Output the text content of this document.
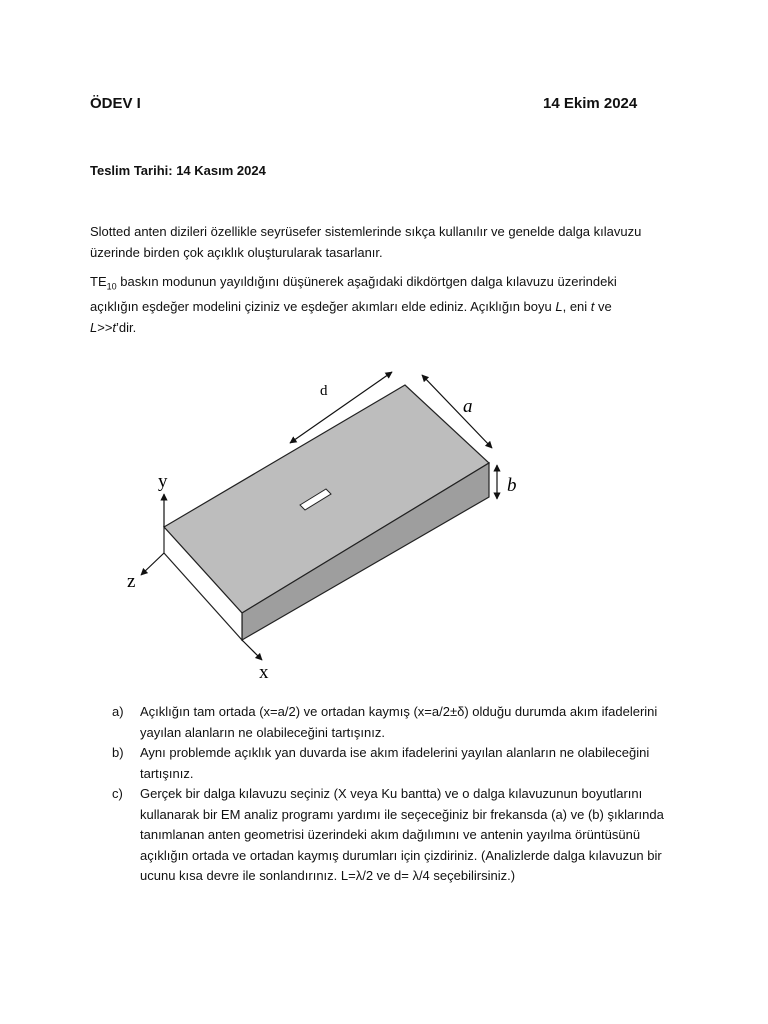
ÖDEV I	14 Ekim 2024
Teslim Tarihi: 14 Kasım 2024
Slotted anten dizileri özellikle seyrüsefer sistemlerinde sıkça kullanılır ve genelde dalga kılavuzu
üzerinde birden çok açıklık oluşturularak tasarlanır.
$TE_{10}$ baskın modunun yayıldığını düşünerek aşağıdaki dikdörtgen dalga kılavuzu üzerindeki
açıklığın eşdeğer modelini çiziniz ve eşdeğer akımları elde ediniz. Açıklığın boyu L, eni t ve
L>>t’dir.
d
a
b
y
z
x
a)	Açıklığın tam ortada (x=a/2) ve ortadan kaymış (x=a/2±δ) olduğu durumda akım ifadelerini yayılan alanların ne olabileceğini tartışınız.
b)	Aynı problemde açıklık yan duvarda ise akım ifadelerini yayılan alanların ne olabileceğini tartışınız.
c)	Gerçek bir dalga kılavuzu seçiniz (X veya Ku bantta) ve o dalga kılavuzunun boyutlarını kullanarak bir EM analiz programı yardımı ile seçeceğiniz bir frekansda (a) ve (b) şıklarında tanımlanan anten geometrisi üzerindeki akım dağılımını ve antenin yayılma örüntüsünü açıklığın ortada ve ortadan kaymış durumları için çizdiriniz. (Analizlerde dalga kılavuzun bir ucunu kısa devre ile sonlandırınız. L=λ/2 ve d= λ/4 seçebilirsiniz.)
